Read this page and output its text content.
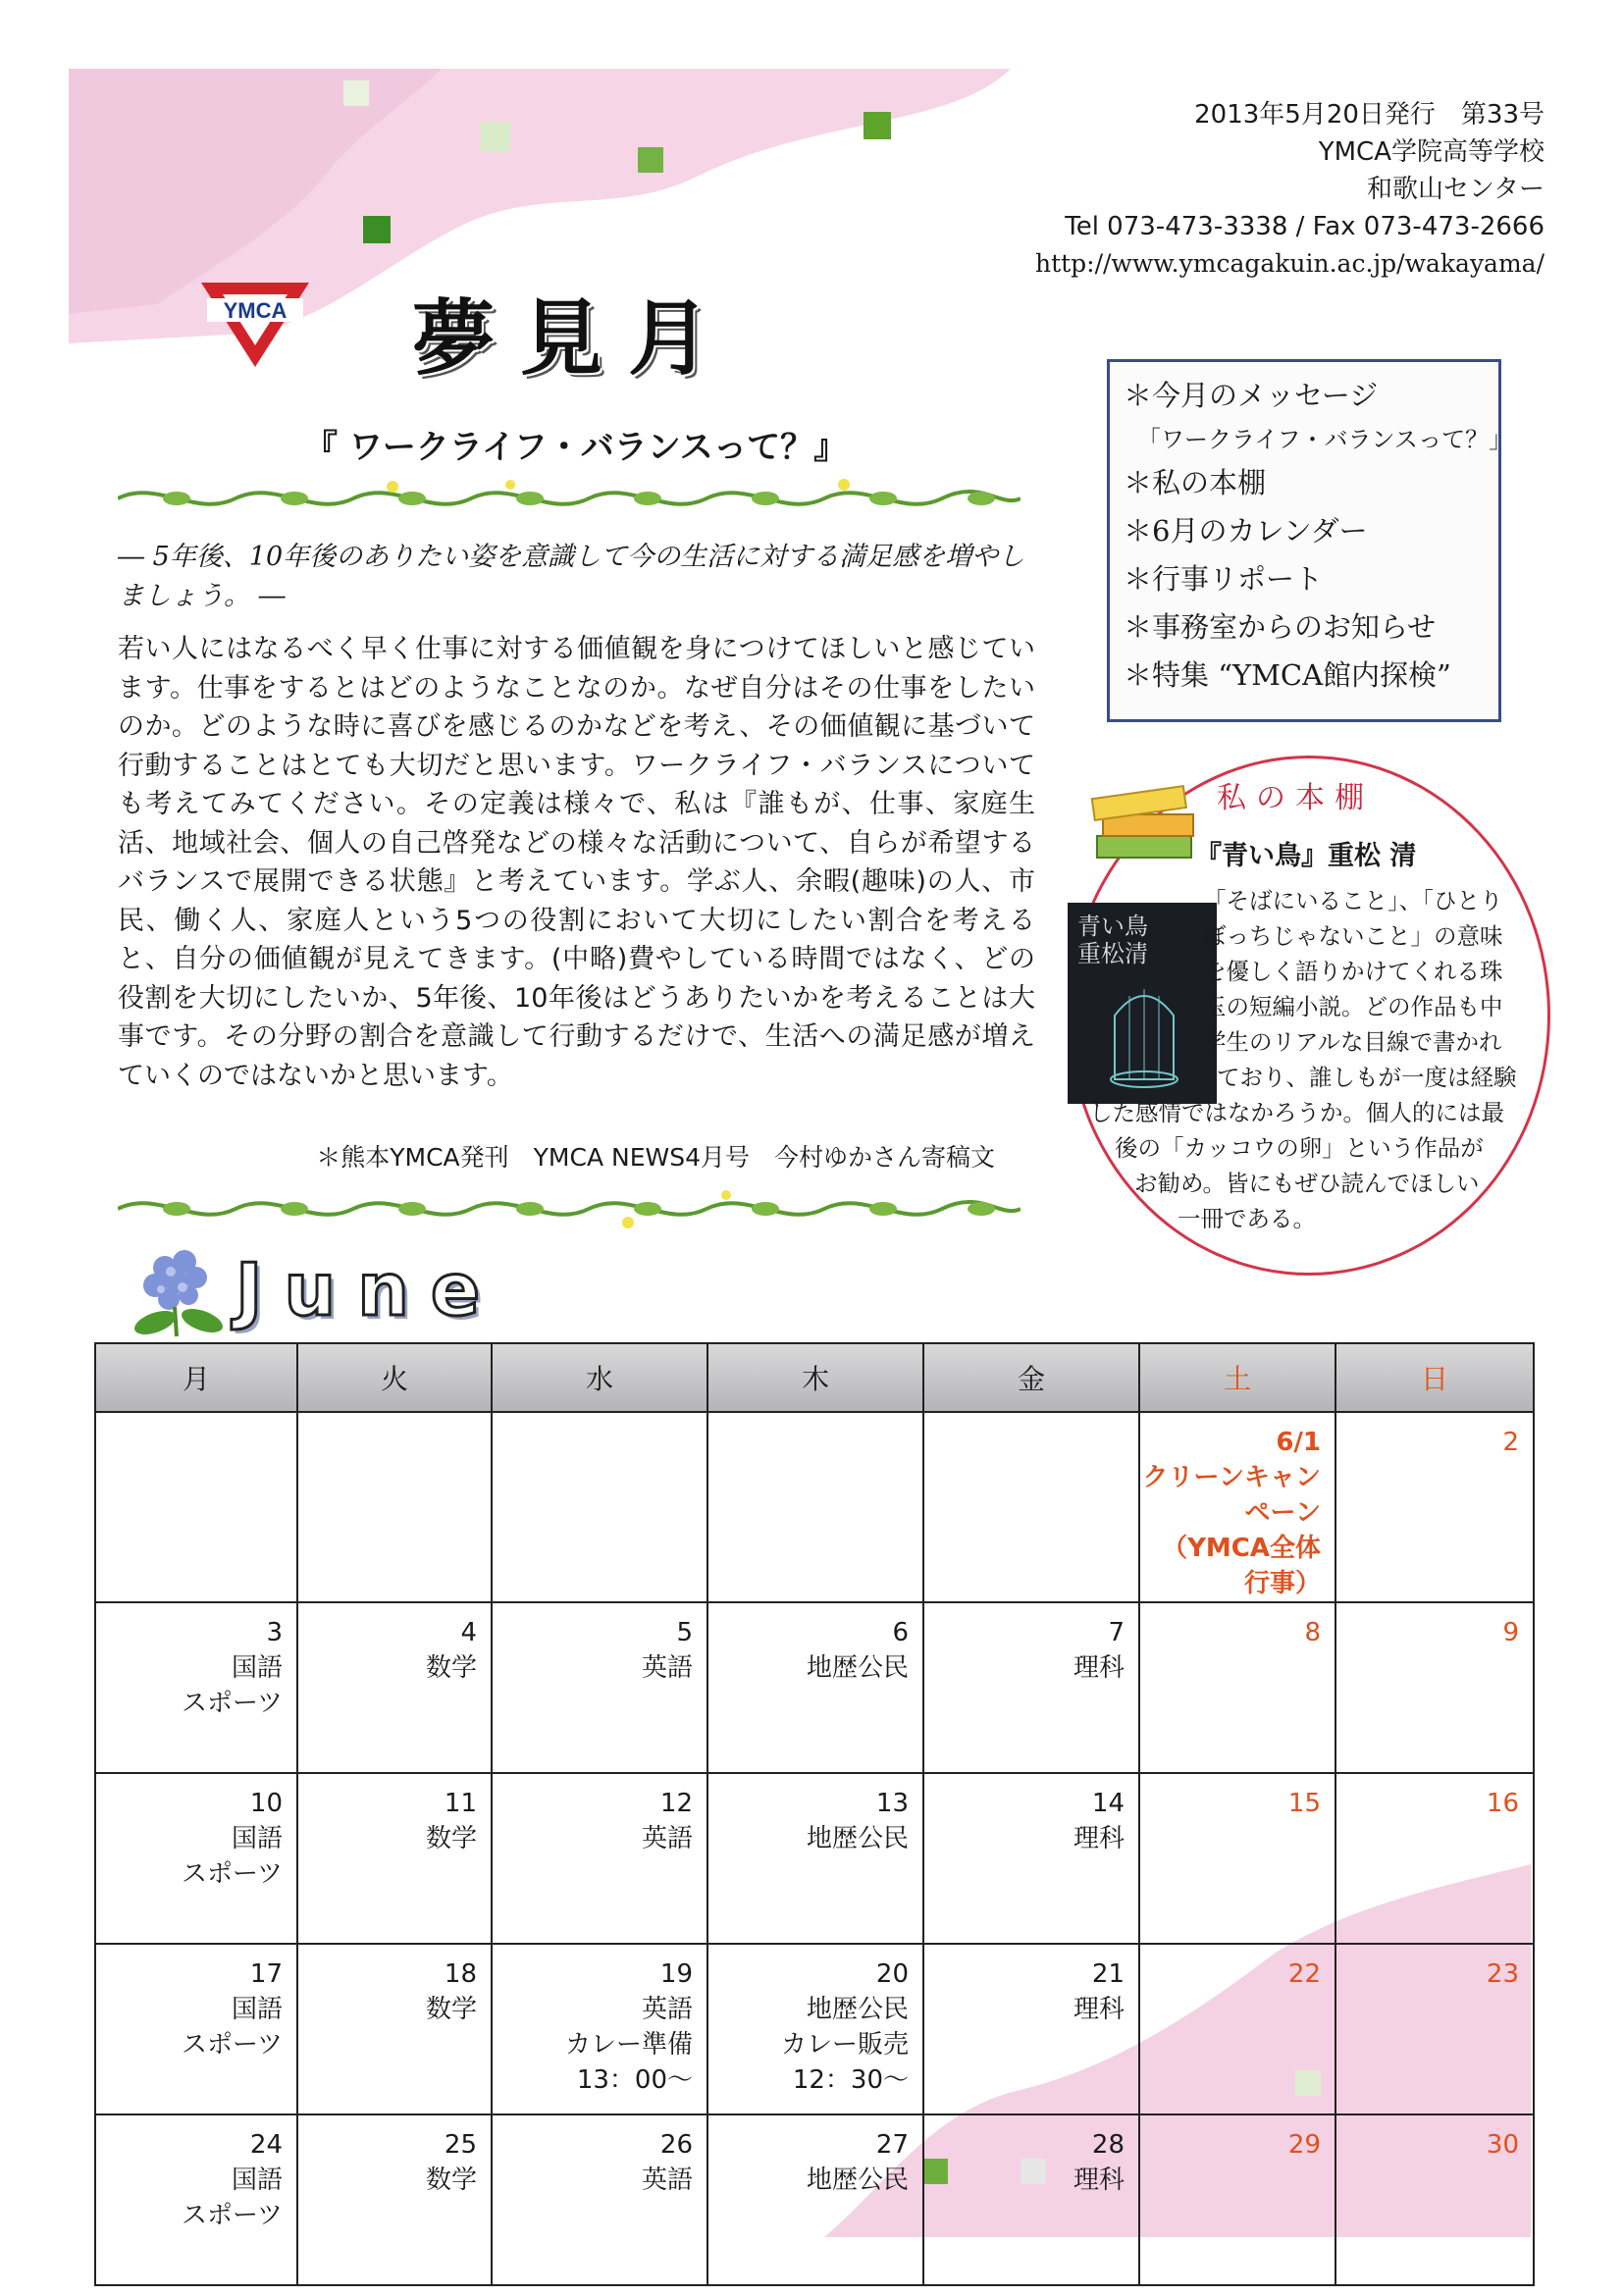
2013年5月20日発行　第33号
YMCA学院高等学校
和歌山センター
Tel 073-473-3338 / Fax 073-473-2666
http://www.ymcagakuin.ac.jp/wakayama/
YMCA 夢見月
『 ワークライフ・バランスって？』
― 5年後、10年後のありたい姿を意識して今の生活に対する満足感を増やしましょう。 ―
若い人にはなるべく早く仕事に対する価値観を身につけてほしいと感じています。仕事をするとはどのようなことなのか。なぜ自分はその仕事をしたいのか。どのような時に喜びを感じるのかなどを考え、その価値観に基づいて行動することはとても大切だと思います。ワークライフ・バランスについても考えてみてください。その定義は様々で、私は『誰もが、仕事、家庭生活、地域社会、個人の自己啓発などの様々な活動について、自らが希望するバランスで展開できる状態』と考えています。学ぶ人、余暇(趣味)の人、市民、働く人、家庭人という5つの役割において大切にしたい割合を考えると、自分の価値観が見えてきます。(中略)費やしている時間ではなく、どの役割を大切にしたいか、5年後、10年後はどうありたいかを考えることは大事です。その分野の割合を意識して行動するだけで、生活への満足感が増えていくのではないかと思います。
＊熊本YMCA発刊　YMCA NEWS4月号　今村ゆかさん寄稿文
＊今月のメッセージ
「ワークライフ・バランスって？」
＊私の本棚
＊6月のカレンダー
＊行事リポート
＊事務室からのお知らせ
＊特集 “YMCA館内探検”
私の本棚
『青い鳥』重松 清
青い鳥
重松清
「そばにいること」、「ひとり
ぼっちじゃないこと」の意味
を優しく語りかけてくれる珠
玉の短編小説。どの作品も中
学生のリアルな目線で書かれ
ており、誰しもが一度は経験
した感情ではなかろうか。個人的には最
後の「カッコウの卵」という作品が
お勧め。皆にもぜひ読んでほしい
一冊である。
June
月	火	水	木	金	土	日

					6/1
クリーンキャンペーン
（YMCA全体
行事）	2

3
国語
スポーツ	4
数学	5
英語	6
地歴公民	7
理科	8	9

10
国語
スポーツ	11
数学	12
英語	13
地歴公民	14
理科	15	16

17
国語
スポーツ	18
数学	19
英語
カレー準備
13：00～	20
地歴公民
カレー販売
12：30～	21
理科	22	23

24
国語
スポーツ	25
数学	26
英語	27
地歴公民	28
理科	29	30
